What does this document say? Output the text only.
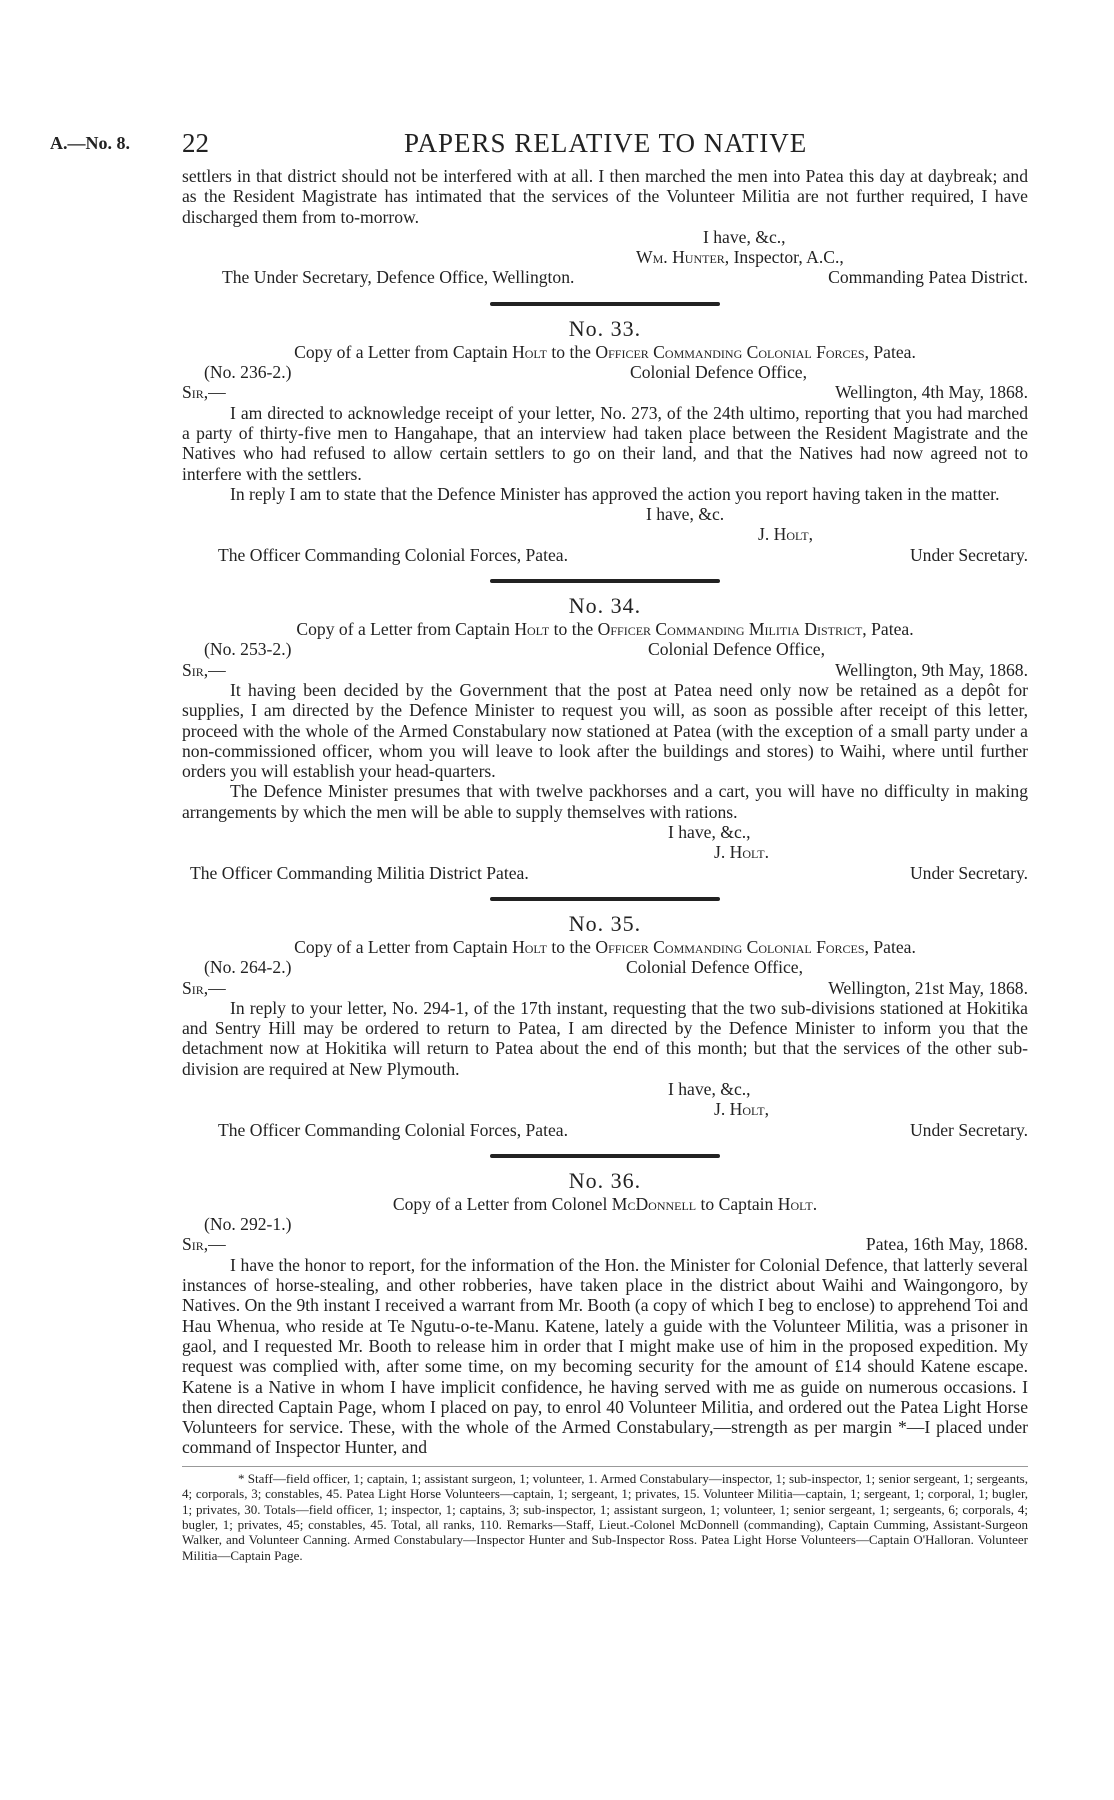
A.—No. 8. 22	PAPERS RELATIVE TO NATIVE

settlers in that district should not be interfered with at all. I then marched the men into Patea this day at daybreak; and as the Resident Magistrate has intimated that the services of the Volunteer Militia are not further required, I have discharged them from to-morrow.

I have, &c.,
Wm. Hunter, Inspector, A.C.,
The Under Secretary, Defence Office, Wellington.	Commanding Patea District.
No. 33.
Copy of a Letter from Captain Holt to the Officer Commanding Colonial Forces, Patea.
(No. 236-2.)	Colonial Defence Office,
Sir,—	Wellington, 4th May, 1868.

I am directed to acknowledge receipt of your letter, No. 273, of the 24th ultimo, reporting that you had marched a party of thirty-five men to Hangahape, that an interview had taken place between the Resident Magistrate and the Natives who had refused to allow certain settlers to go on their land, and that the Natives had now agreed not to interfere with the settlers.

In reply I am to state that the Defence Minister has approved the action you report having taken in the matter.

I have, &c.
J. Holt,
The Officer Commanding Colonial Forces, Patea.	Under Secretary.
No. 34.
Copy of a Letter from Captain Holt to the Officer Commanding Militia District, Patea.
(No. 253-2.)	Colonial Defence Office,
Sir,—	Wellington, 9th May, 1868.

It having been decided by the Government that the post at Patea need only now be retained as a depôt for supplies, I am directed by the Defence Minister to request you will, as soon as possible after receipt of this letter, proceed with the whole of the Armed Constabulary now stationed at Patea (with the exception of a small party under a non-commissioned officer, whom you will leave to look after the buildings and stores) to Waihi, where until further orders you will establish your head-quarters.

The Defence Minister presumes that with twelve packhorses and a cart, you will have no difficulty in making arrangements by which the men will be able to supply themselves with rations.

I have, &c.,
J. Holt.
The Officer Commanding Militia District Patea.	Under Secretary.
No. 35.
Copy of a Letter from Captain Holt to the Officer Commanding Colonial Forces, Patea.
(No. 264-2.)	Colonial Defence Office,
Sir,—	Wellington, 21st May, 1868.

In reply to your letter, No. 294-1, of the 17th instant, requesting that the two sub-divisions stationed at Hokitika and Sentry Hill may be ordered to return to Patea, I am directed by the Defence Minister to inform you that the detachment now at Hokitika will return to Patea about the end of this month; but that the services of the other sub-division are required at New Plymouth.

I have, &c.,
J. Holt,
The Officer Commanding Colonial Forces, Patea.	Under Secretary.
No. 36.
Copy of a Letter from Colonel McDonnell to Captain Holt.
(No. 292-1.)
Sir,—	Patea, 16th May, 1868.

I have the honor to report, for the information of the Hon. the Minister for Colonial Defence, that latterly several instances of horse-stealing, and other robberies, have taken place in the district about Waihi and Waingongoro, by Natives. On the 9th instant I received a warrant from Mr. Booth (a copy of which I beg to enclose) to apprehend Toi and Hau Whenua, who reside at Te Ngutu-o-te-Manu. Katene, lately a guide with the Volunteer Militia, was a prisoner in gaol, and I requested Mr. Booth to release him in order that I might make use of him in the proposed expedition. My request was complied with, after some time, on my becoming security for the amount of £14 should Katene escape. Katene is a Native in whom I have implicit confidence, he having served with me as guide on numerous occasions. I then directed Captain Page, whom I placed on pay, to enrol 40 Volunteer Militia, and ordered out the Patea Light Horse Volunteers for service. These, with the whole of the Armed Constabulary,—strength as per margin *—I placed under command of Inspector Hunter, and

* Staff—field officer, 1; captain, 1; assistant surgeon, 1; volunteer, 1. Armed Constabulary—inspector, 1; sub-inspector, 1; senior sergeant, 1; sergeants, 4; corporals, 3; constables, 45. Patea Light Horse Volunteers—captain, 1; sergeant, 1; privates, 15. Volunteer Militia—captain, 1; sergeant, 1; corporal, 1; bugler, 1; privates, 30. Totals—field officer, 1; inspector, 1; captains, 3; sub-inspector, 1; assistant surgeon, 1; volunteer, 1; senior sergeant, 1; sergeants, 6; corporals, 4; bugler, 1; privates, 45; constables, 45. Total, all ranks, 110. Remarks—Staff, Lieut.-Colonel McDonnell (commanding), Captain Cumming, Assistant-Surgeon Walker, and Volunteer Canning. Armed Constabulary—Inspector Hunter and Sub-Inspector Ross. Patea Light Horse Volunteers—Captain O'Halloran. Volunteer Militia—Captain Page.
